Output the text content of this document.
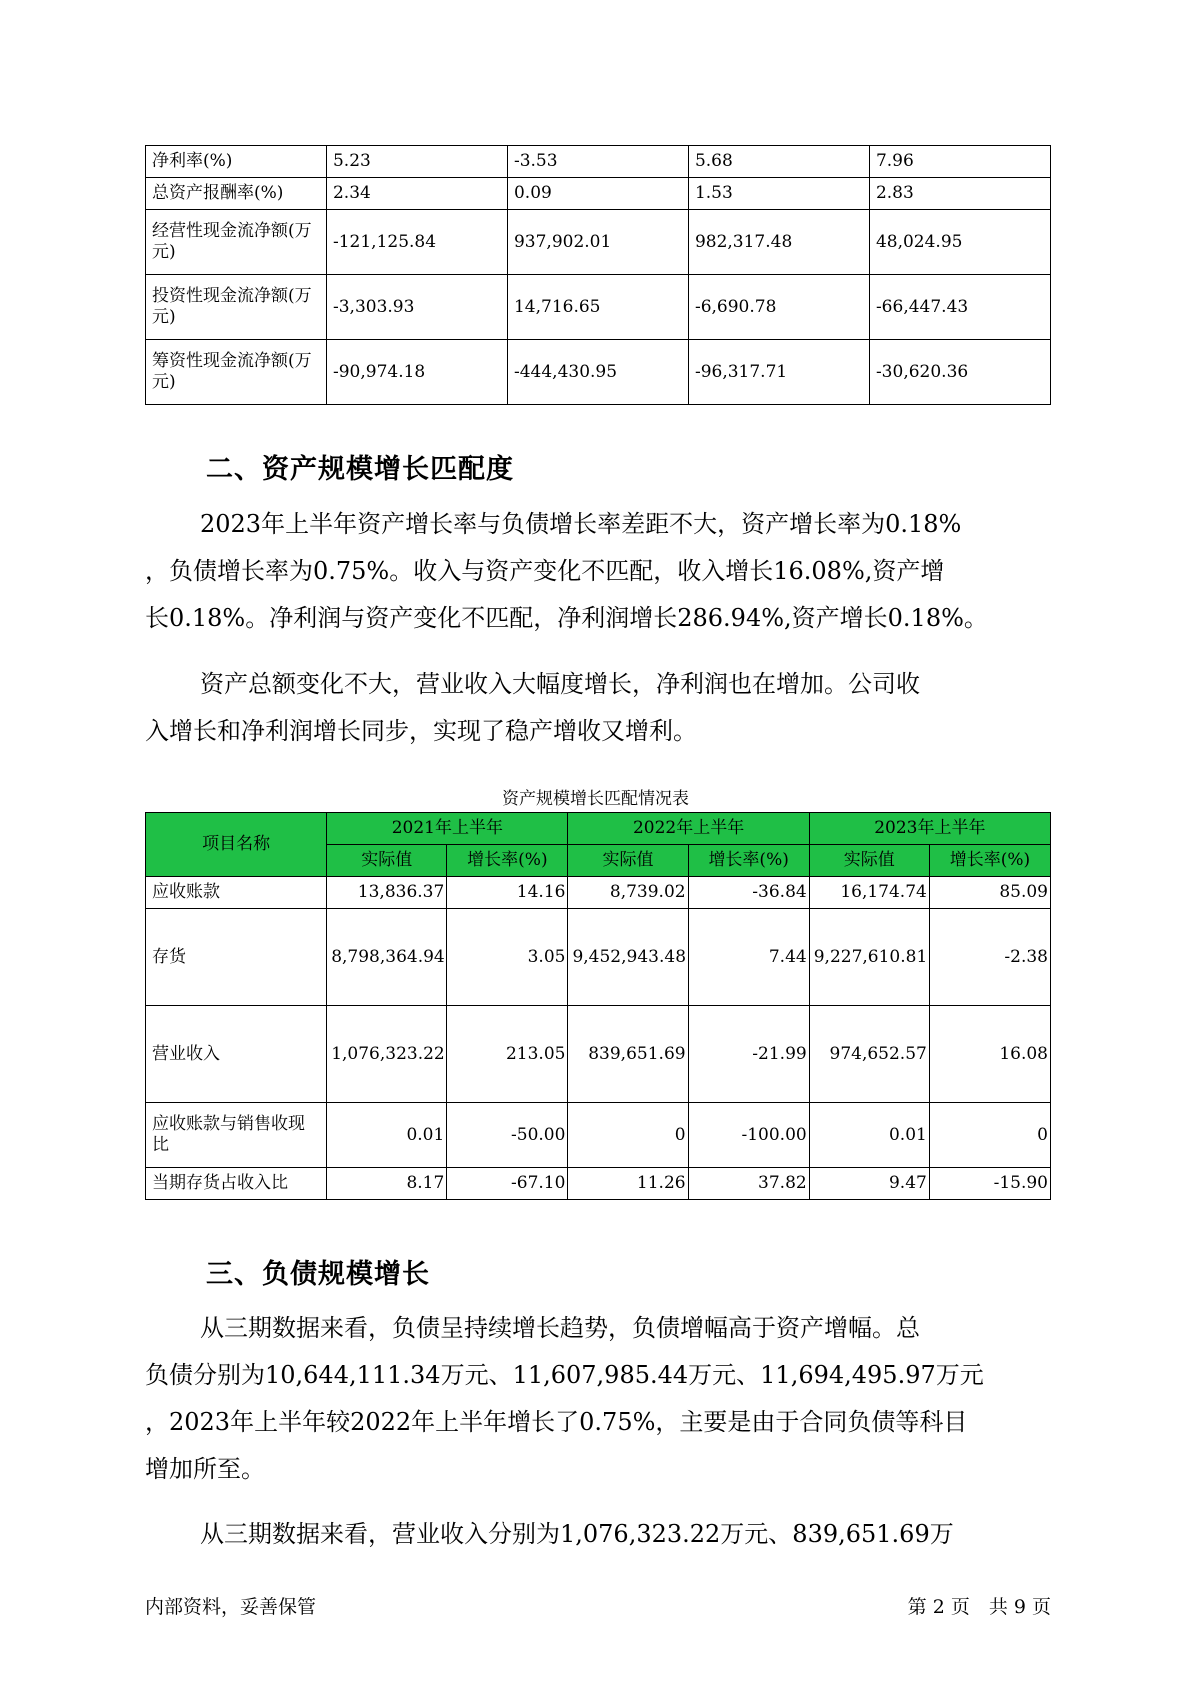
净利率(%)	5.23	-3.53	5.68	7.96
总资产报酬率(%)	2.34	0.09	1.53	2.83
经营性现金流净额(万元)	-121,125.84	937,902.01	982,317.48	48,024.95
投资性现金流净额(万元)	-3,303.93	14,716.65	-6,690.78	-66,447.43
筹资性现金流净额(万元)	-90,974.18	-444,430.95	-96,317.71	-30,620.36
二、资产规模增长匹配度
2023年上半年资产增长率与负债增长率差距不大，资产增长率为0.18%
，负债增长率为0.75%。收入与资产变化不匹配，收入增长16.08%,资产增
长0.18%。净利润与资产变化不匹配，净利润增长286.94%,资产增长0.18%。
资产总额变化不大，营业收入大幅度增长，净利润也在增加。公司收
入增长和净利润增长同步，实现了稳产增收又增利。
资产规模增长匹配情况表
项目名称	2021年上半年		2022年上半年		2023年上半年	
	实际值	增长率(%)	实际值	增长率(%)	实际值	增长率(%)
应收账款	13,836.37	14.16	8,739.02	-36.84	16,174.74	85.09
存货	8,798,364.94	3.05	9,452,943.48	7.44	9,227,610.81	-2.38
营业收入	1,076,323.22	213.05	839,651.69	-21.99	974,652.57	16.08
应收账款与销售收现比	0.01	-50.00	0	-100.00	0.01	0
当期存货占收入比	8.17	-67.10	11.26	37.82	9.47	-15.90
三、负债规模增长
从三期数据来看，负债呈持续增长趋势，负债增幅高于资产增幅。总
负债分别为10,644,111.34万元、11,607,985.44万元、11,694,495.97万元
，2023年上半年较2022年上半年增长了0.75%，主要是由于合同负债等科目
增加所至。
从三期数据来看，营业收入分别为1,076,323.22万元、839,651.69万
内部资料，妥善保管	第 2 页　共 9 页
